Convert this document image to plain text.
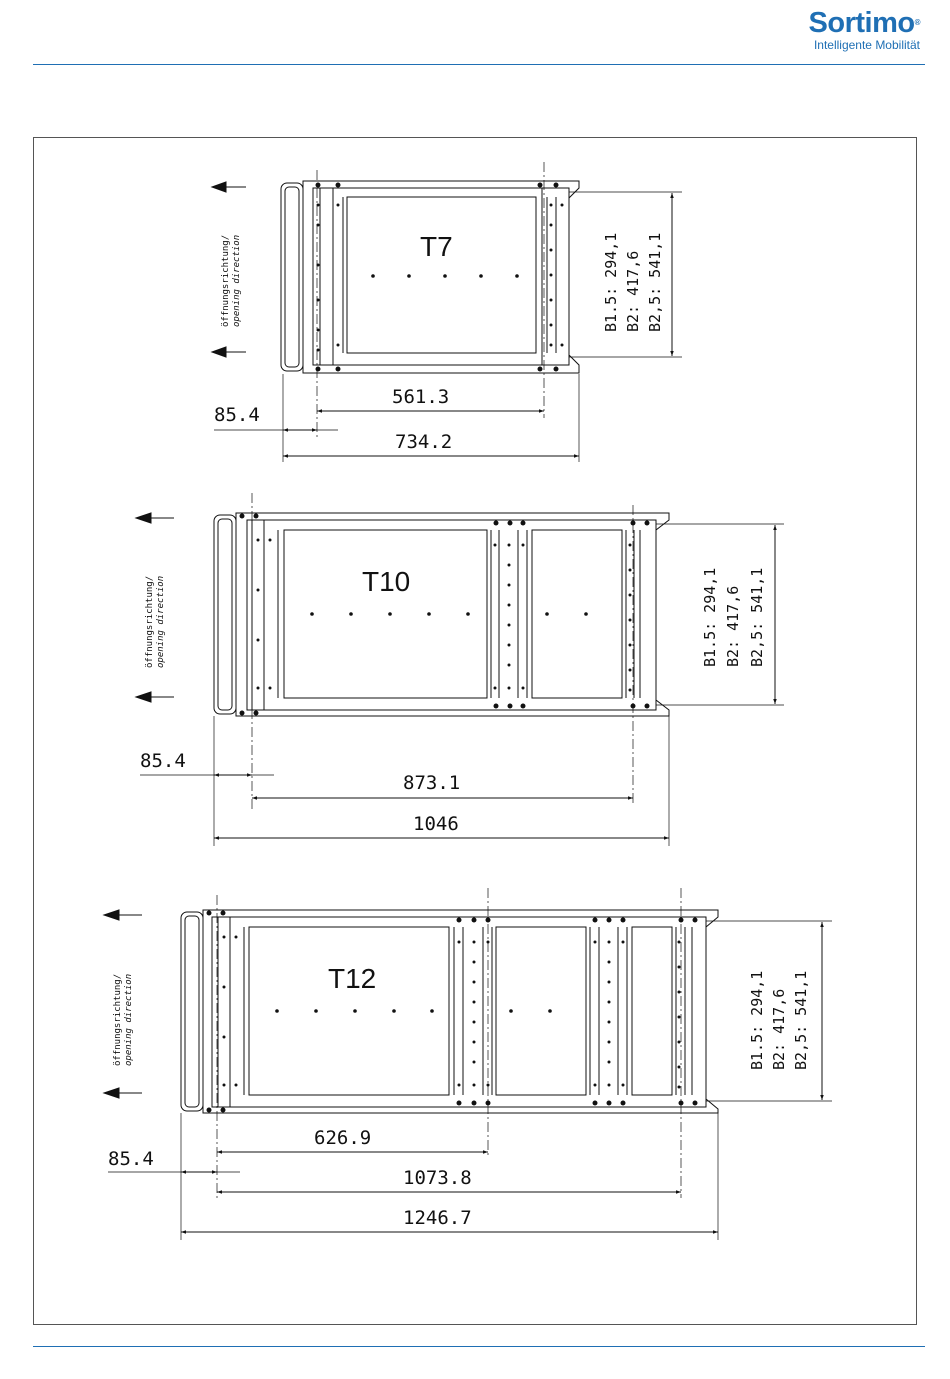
Sortimo®
Intelligente Mobilität
T7
öffnungsrichtung/ opening direction	B1.5: 294,1 B2: 417,6 B2,5: 541,1
85.4
561.3
734.2
T10
öffnungsrichtung/ opening direction	B1.5: 294,1 B2: 417,6 B2,5: 541,1
85.4
873.1
1046
T12
öffnungsrichtung/ opening direction	B1.5: 294,1 B2: 417,6 B2,5: 541,1
85.4
626.9
1073.8
1246.7
